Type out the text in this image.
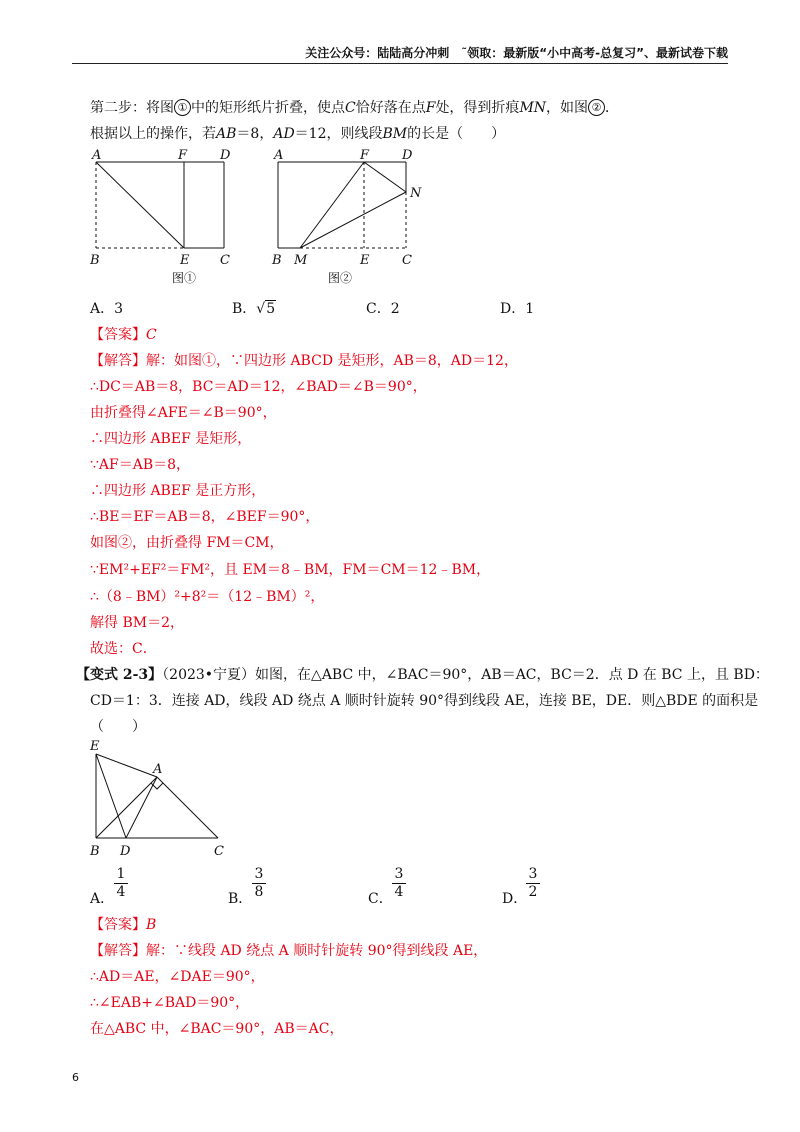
关注公众号：陆陆高分冲刺　˜领取：最新版“小中高考-总复习”、最新试卷下载
第二步：将图 ① 中的矩形纸片折叠，使点C恰好落在点F处，得到折痕MN，如图 ② ．
根据以上的操作，若AB＝8，AD＝12，则线段BM的长是（　　）
A	F	D
B	E C
图①
A	F	D
N
B M	E	C
图②
A．3	B．√5	C．2	D．1
【答案】C
【解答】解：如图①，∵四边形 ABCD 是矩形，AB＝8，AD＝12，
∴DC＝AB＝8，BC＝AD＝12，∠BAD＝∠B＝90°，
由折叠得∠AFE＝∠B＝90°，
∴四边形 ABEF 是矩形，
∵AF＝AB＝8，
∴四边形 ABEF 是正方形，
∴BE＝EF＝AB＝8，∠BEF＝90°，
如图②，由折叠得 FM＝CM，
∵EM²+EF²＝FM²，且 EM＝8﹣BM，FM＝CM＝12﹣BM，
∴（8﹣BM）²+8²＝（12﹣BM）²，
解得 BM＝2，
故选：C．
【变式 2-3】（2023•宁夏）如图，在△ABC 中，∠BAC＝90°，AB＝AC，BC＝2．点 D 在 BC 上，且 BD：
CD＝1：3．连接 AD，线段 AD 绕点 A 顺时针旋转 90°得到线段 AE，连接 BE，DE．则△BDE 的面积是
（　　）
E
A
B D	C
A． $\frac{1}{4}$	B． $\frac{3}{8}$	C． $\frac{3}{4}$	D．
$\frac{3}{2}$
【答案】B
【解答】解：∵线段 AD 绕点 A 顺时针旋转 90°得到线段 AE，
∴AD＝AE，∠DAE＝90°，
∴∠EAB+∠BAD＝90°，
在△ABC 中，∠BAC＝90°，AB＝AC，
6
